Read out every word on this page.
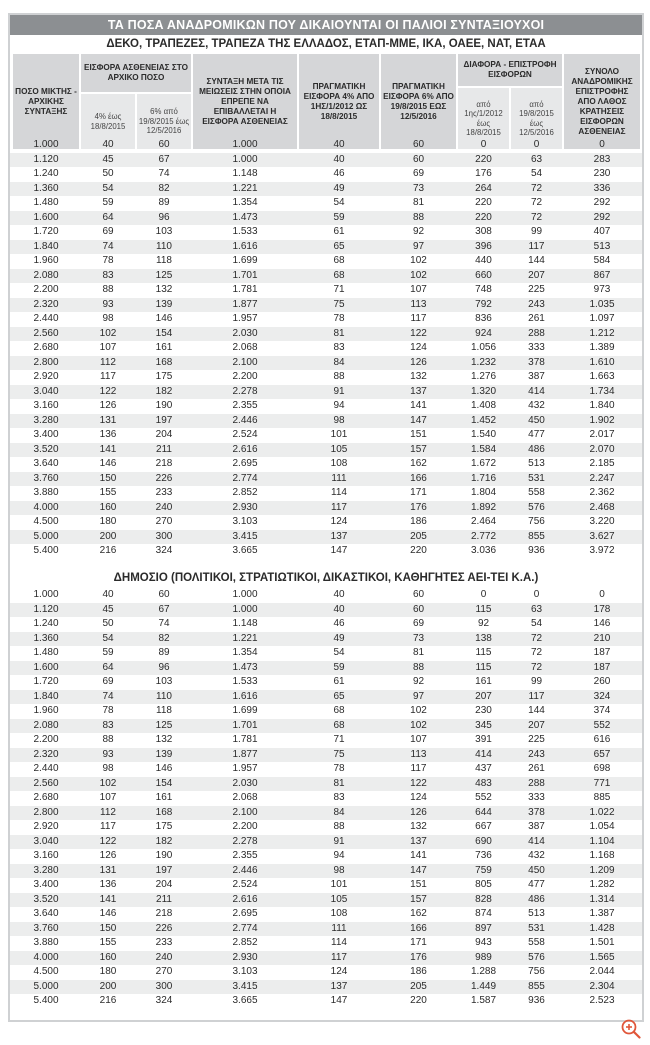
ΤΑ ΠΟΣΑ ΑΝΑΔΡΟΜΙΚΩΝ ΠΟΥ ΔΙΚΑΙΟΥΝΤΑΙ ΟΙ ΠΑΛΙΟΙ ΣΥΝΤΑΞΙΟΥΧΟΙ
ΔΕΚΟ, ΤΡΑΠΕΖΕΣ, ΤΡΑΠΕΖΑ ΤΗΣ ΕΛΛΑΔΟΣ, ΕΤΑΠ-ΜΜΕ, ΙΚΑ, ΟΑΕΕ, ΝΑΤ, ΕΤΑΑ
ΠΟΣΟ ΜΙΚΤΗΣ - ΑΡΧΙΚΗΣ ΣΥΝΤΑΞΗΣ
ΕΙΣΦΟΡΑ ΑΣΘΕΝΕΙΑΣ ΣΤΟ ΑΡΧΙΚΟ ΠΟΣΟ
4% έως 18/8/2015
6% από 19/8/2015 έως 12/5/2016
ΣΥΝΤΑΞΗ ΜΕΤΑ ΤΙΣ ΜΕΙΩΣΕΙΣ ΣΤΗΝ ΟΠΟΙΑ ΕΠΡΕΠΕ ΝΑ ΕΠΙΒΑΛΛΕΤΑΙ Η ΕΙΣΦΟΡΑ ΑΣΘΕΝΕΙΑΣ
ΠΡΑΓΜΑΤΙΚΗ ΕΙΣΦΟΡΑ 4% ΑΠΟ 1ΗΣ/1/2012 ΩΣ 18/8/2015
ΠΡΑΓΜΑΤΙΚΗ ΕΙΣΦΟΡΑ 6% ΑΠΟ 19/8/2015 ΕΩΣ 12/5/2016
ΔΙΑΦΟΡΑ - ΕΠΙΣΤΡΟΦΗ ΕΙΣΦΟΡΩΝ
από 1ης/1/2012 έως 18/8/2015
από 19/8/2015 έως 12/5/2016
ΣΥΝΟΛΟ ΑΝΑΔΡΟΜΙΚΗΣ ΕΠΙΣΤΡΟΦΗΣ ΑΠΟ ΛΑΘΟΣ ΚΡΑΤΗΣΕΙΣ ΕΙΣΦΟΡΩΝ ΑΣΘΕΝΕΙΑΣ
1.000	40	60	1.000	40	60	0	0	0
1.120	45	67	1.000	40	60	220	63	283
1.240	50	74	1.148	46	69	176	54	230
1.360	54	82	1.221	49	73	264	72	336
1.480	59	89	1.354	54	81	220	72	292
1.600	64	96	1.473	59	88	220	72	292
1.720	69	103	1.533	61	92	308	99	407
1.840	74	110	1.616	65	97	396	117	513
1.960	78	118	1.699	68	102	440	144	584
2.080	83	125	1.701	68	102	660	207	867
2.200	88	132	1.781	71	107	748	225	973
2.320	93	139	1.877	75	113	792	243	1.035
2.440	98	146	1.957	78	117	836	261	1.097
2.560	102	154	2.030	81	122	924	288	1.212
2.680	107	161	2.068	83	124	1.056	333	1.389
2.800	112	168	2.100	84	126	1.232	378	1.610
2.920	117	175	2.200	88	132	1.276	387	1.663
3.040	122	182	2.278	91	137	1.320	414	1.734
3.160	126	190	2.355	94	141	1.408	432	1.840
3.280	131	197	2.446	98	147	1.452	450	1.902
3.400	136	204	2.524	101	151	1.540	477	2.017
3.520	141	211	2.616	105	157	1.584	486	2.070
3.640	146	218	2.695	108	162	1.672	513	2.185
3.760	150	226	2.774	111	166	1.716	531	2.247
3.880	155	233	2.852	114	171	1.804	558	2.362
4.000	160	240	2.930	117	176	1.892	576	2.468
4.500	180	270	3.103	124	186	2.464	756	3.220
5.000	200	300	3.415	137	205	2.772	855	3.627
5.400	216	324	3.665	147	220	3.036	936	3.972
ΔΗΜΟΣΙΟ (ΠΟΛΙΤΙΚΟΙ, ΣΤΡΑΤΙΩΤΙΚΟΙ, ΔΙΚΑΣΤΙΚΟΙ, ΚΑΘΗΓΗΤΕΣ ΑΕΙ-ΤΕΙ Κ.Α.)
1.000	40	60	1.000	40	60	0	0	0
1.120	45	67	1.000	40	60	115	63	178
1.240	50	74	1.148	46	69	92	54	146
1.360	54	82	1.221	49	73	138	72	210
1.480	59	89	1.354	54	81	115	72	187
1.600	64	96	1.473	59	88	115	72	187
1.720	69	103	1.533	61	92	161	99	260
1.840	74	110	1.616	65	97	207	117	324
1.960	78	118	1.699	68	102	230	144	374
2.080	83	125	1.701	68	102	345	207	552
2.200	88	132	1.781	71	107	391	225	616
2.320	93	139	1.877	75	113	414	243	657
2.440	98	146	1.957	78	117	437	261	698
2.560	102	154	2.030	81	122	483	288	771
2.680	107	161	2.068	83	124	552	333	885
2.800	112	168	2.100	84	126	644	378	1.022
2.920	117	175	2.200	88	132	667	387	1.054
3.040	122	182	2.278	91	137	690	414	1.104
3.160	126	190	2.355	94	141	736	432	1.168
3.280	131	197	2.446	98	147	759	450	1.209
3.400	136	204	2.524	101	151	805	477	1.282
3.520	141	211	2.616	105	157	828	486	1.314
3.640	146	218	2.695	108	162	874	513	1.387
3.760	150	226	2.774	111	166	897	531	1.428
3.880	155	233	2.852	114	171	943	558	1.501
4.000	160	240	2.930	117	176	989	576	1.565
4.500	180	270	3.103	124	186	1.288	756	2.044
5.000	200	300	3.415	137	205	1.449	855	2.304
5.400	216	324	3.665	147	220	1.587	936	2.523
